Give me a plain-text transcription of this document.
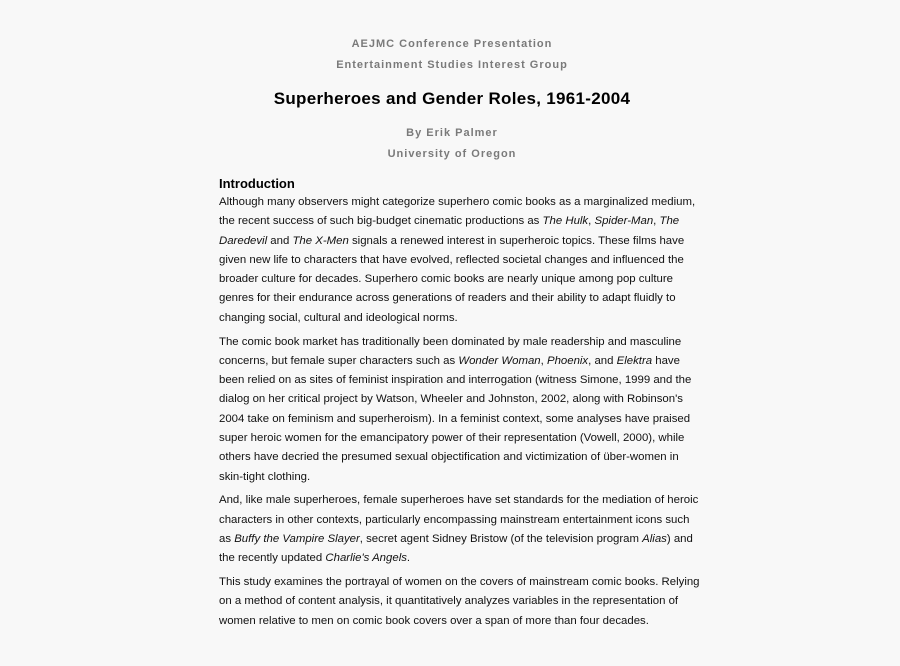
AEJMC Conference Presentation
Entertainment Studies Interest Group
Superheroes and Gender Roles, 1961-2004
By Erik Palmer
University of Oregon
Introduction
Although many observers might categorize superhero comic books as a marginalized medium,
the recent success of such big-budget cinematic productions as The Hulk, Spider-Man, The
Daredevil and The X-Men signals a renewed interest in superheroic topics. These films have
given new life to characters that have evolved, reflected societal changes and influenced the
broader culture for decades. Superhero comic books are nearly unique among pop culture
genres for their endurance across generations of readers and their ability to adapt fluidly to
changing social, cultural and ideological norms.
The comic book market has traditionally been dominated by male readership and masculine
concerns, but female super characters such as Wonder Woman, Phoenix, and Elektra have
been relied on as sites of feminist inspiration and interrogation (witness Simone, 1999 and the
dialog on her critical project by Watson, Wheeler and Johnston, 2002, along with Robinson's
2004 take on feminism and superheroism). In a feminist context, some analyses have praised
super heroic women for the emancipatory power of their representation (Vowell, 2000), while
others have decried the presumed sexual objectification and victimization of über-women in
skin-tight clothing.
And, like male superheroes, female superheroes have set standards for the mediation of heroic
characters in other contexts, particularly encompassing mainstream entertainment icons such
as Buffy the Vampire Slayer, secret agent Sidney Bristow (of the television program Alias) and
the recently updated Charlie's Angels.
This study examines the portrayal of women on the covers of mainstream comic books. Relying
on a method of content analysis, it quantitatively analyzes variables in the representation of
women relative to men on comic book covers over a span of more than four decades.
